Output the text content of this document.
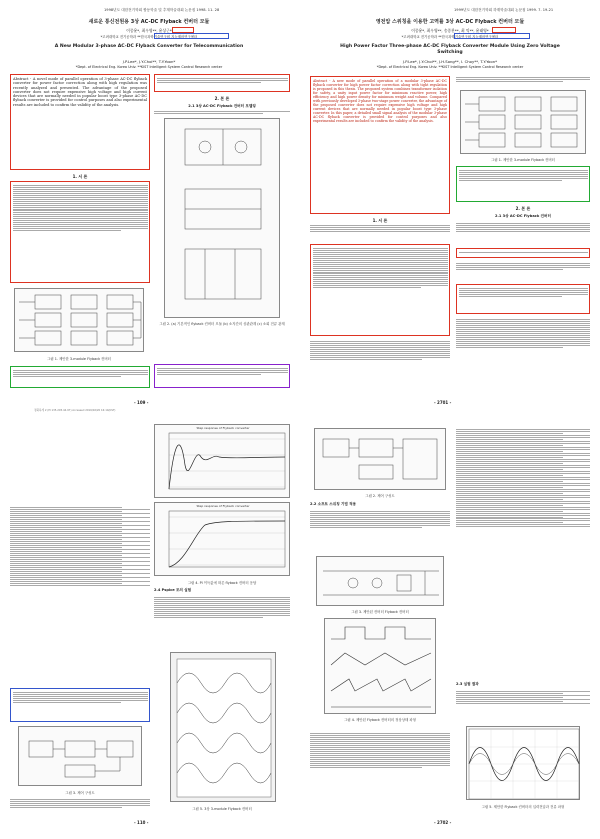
1998년도 대한전기학회 합동학술 및 추계학술대회 논문집 1998. 11. 28
새로운 통신전원용 3상 AC-DC Flyback 컨버터 모듈
이종윤*, 최우영**, 윤상근*
*고려대학교 전기공학과 **한국과학기술연구원 지능제어연구센터
A New Modular 3-phase AC-DC Flyback Converter for Telecommunication
J.P.Lee*, J.Y.Choi**, T.Y.Yoon*
*Dept. of Electrical Eng. Korea Univ. **KIST Intelligent System Control Research center
Abstract - A novel mode of parallel operation of 3-phase AC-DC flyback converter for power factor correction along with high regulation was recently analyzed and presented. The advantage of the proposed converter does not require expensive high voltage and high current devices that are normally needed in popular boost type 3-phase AC-DC flyback converter is provided for control purposes and also experimental results are included to confirm the validity of the analysis.
1. 서 론
그림 1. 제안한 3-module Flyback 컨버터
2. 본 론
2.1 3상 AC-DC Flyback 컨버터 모델링
그림 2. (a) 기본적인 flyback 컨버터 모듈 (b) 소자간의 상관관계 (c) 소회 전류 관계
- 109 -
정확하게 2 (PI 135.205.44.97) Accessed 2016/02/20 16:14(KST)
1999년도 대한전기학회 하계학술대회 논문집 1999. 7. 19-21
영전압 스위칭을 이용한 고역률 3상 AC-DC Flyback 컨버터 모듈
이종윤*, 최우영**, 송종찬**, 최 익**, 윤태영*
*고려대학교 전기공학과 **한국과학기술연구원 지능제어연구센터
High Power Factor Three-phase AC-DC Flyback Converter Module Using Zero Voltage Switching
J.P.Lee*, J.Y.Choi**, J.H.Song**, I. Choy**, T.Y.Yoon*
*Dept. of Electrical Eng. Korea Univ. **KIST Intelligent System Control Research center
Abstract - A new mode of parallel operation of a modular 3-phase AC-DC flyback converter for high power factor correction along with tight regulation is proposed in this thesis. The proposed system combines transformer isolation for safety, a unity input power factor for minimum reactive power, high efficiency and high power density for minimum weight and volume. Compared with previously developed 3-phase two-stage power converter, the advantage of the proposed converter does not require expensive high voltage and high current devices that are normally needed in popular boost type 3-phase converter. In this paper, a detailed small signal analysis of the modular 3-phase AC-DC flyback converter is provided for control purposes and also experimental results are included to confirm the validity of the analysis.
1. 서 론
그림 1. 제안한 3-module Flyback 컨버터
2. 본 론
2.1 3상 AC-DC Flyback 컨버터
- 2701 -
그림 3. 제어 구성도
Step response of Flyback converter
Step response of Flyback converter
그림 4. PI 이득값에 따른 flyback 컨버터 응답
2.4 Pspice 모의 실험
그림 5. 3상 3-module Flyback 컨버터
- 110 -
그림 2. 제어 구성도
2.2 소프트 스위칭 기법 적용
그림 3. 제안된 컨버터 Flyback 컨버터
그림 4. 제안된 Flyback 컨버터의 정상상태 파형
2.3 실험 결과
그림 5. 제안한 Flyback 컨버터의 입력전압과 전류 파형
- 2702 -
